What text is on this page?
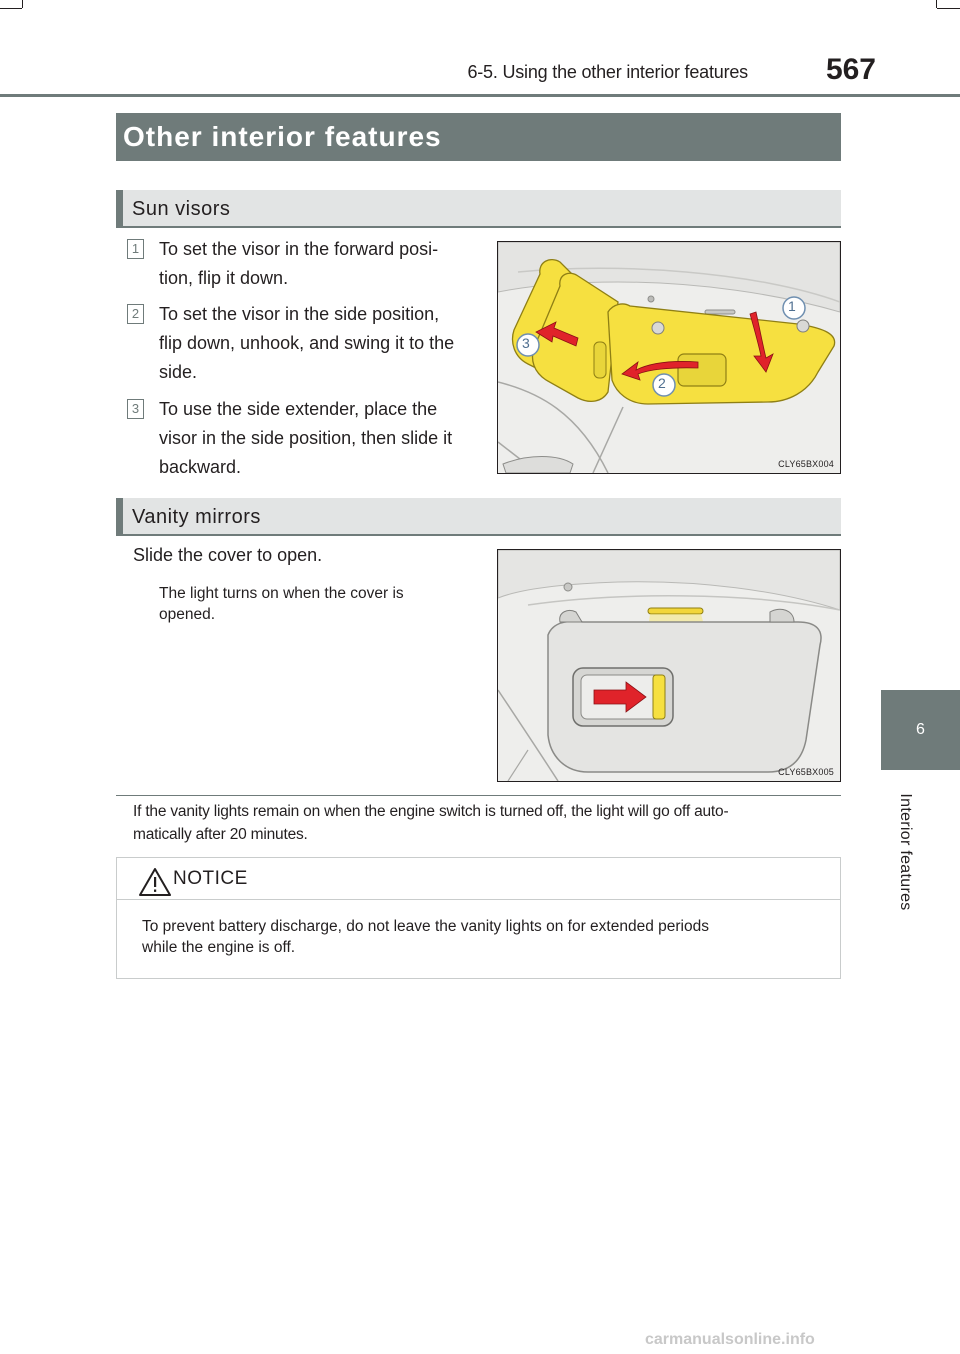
6-5. Using the other interior features	567
6
Interior features
Other interior features
Sun visors
1 To set the visor in the forward posi-
tion, flip it down.
2 To set the visor in the side position,
flip down, unhook, and swing it to the
side.
3 To use the side extender, place the
visor in the side position, then slide it
backward.
1
2
3
CLY65BX004
Vanity mirrors
Slide the cover to open.
The light turns on when the cover is
opened.
CLY65BX005
If the vanity lights remain on when the engine switch is turned off, the light will go off auto-
matically after 20 minutes.
NOTICE
To prevent battery discharge, do not leave the vanity lights on for extended periods
while the engine is off.
carmanualsonline.info
